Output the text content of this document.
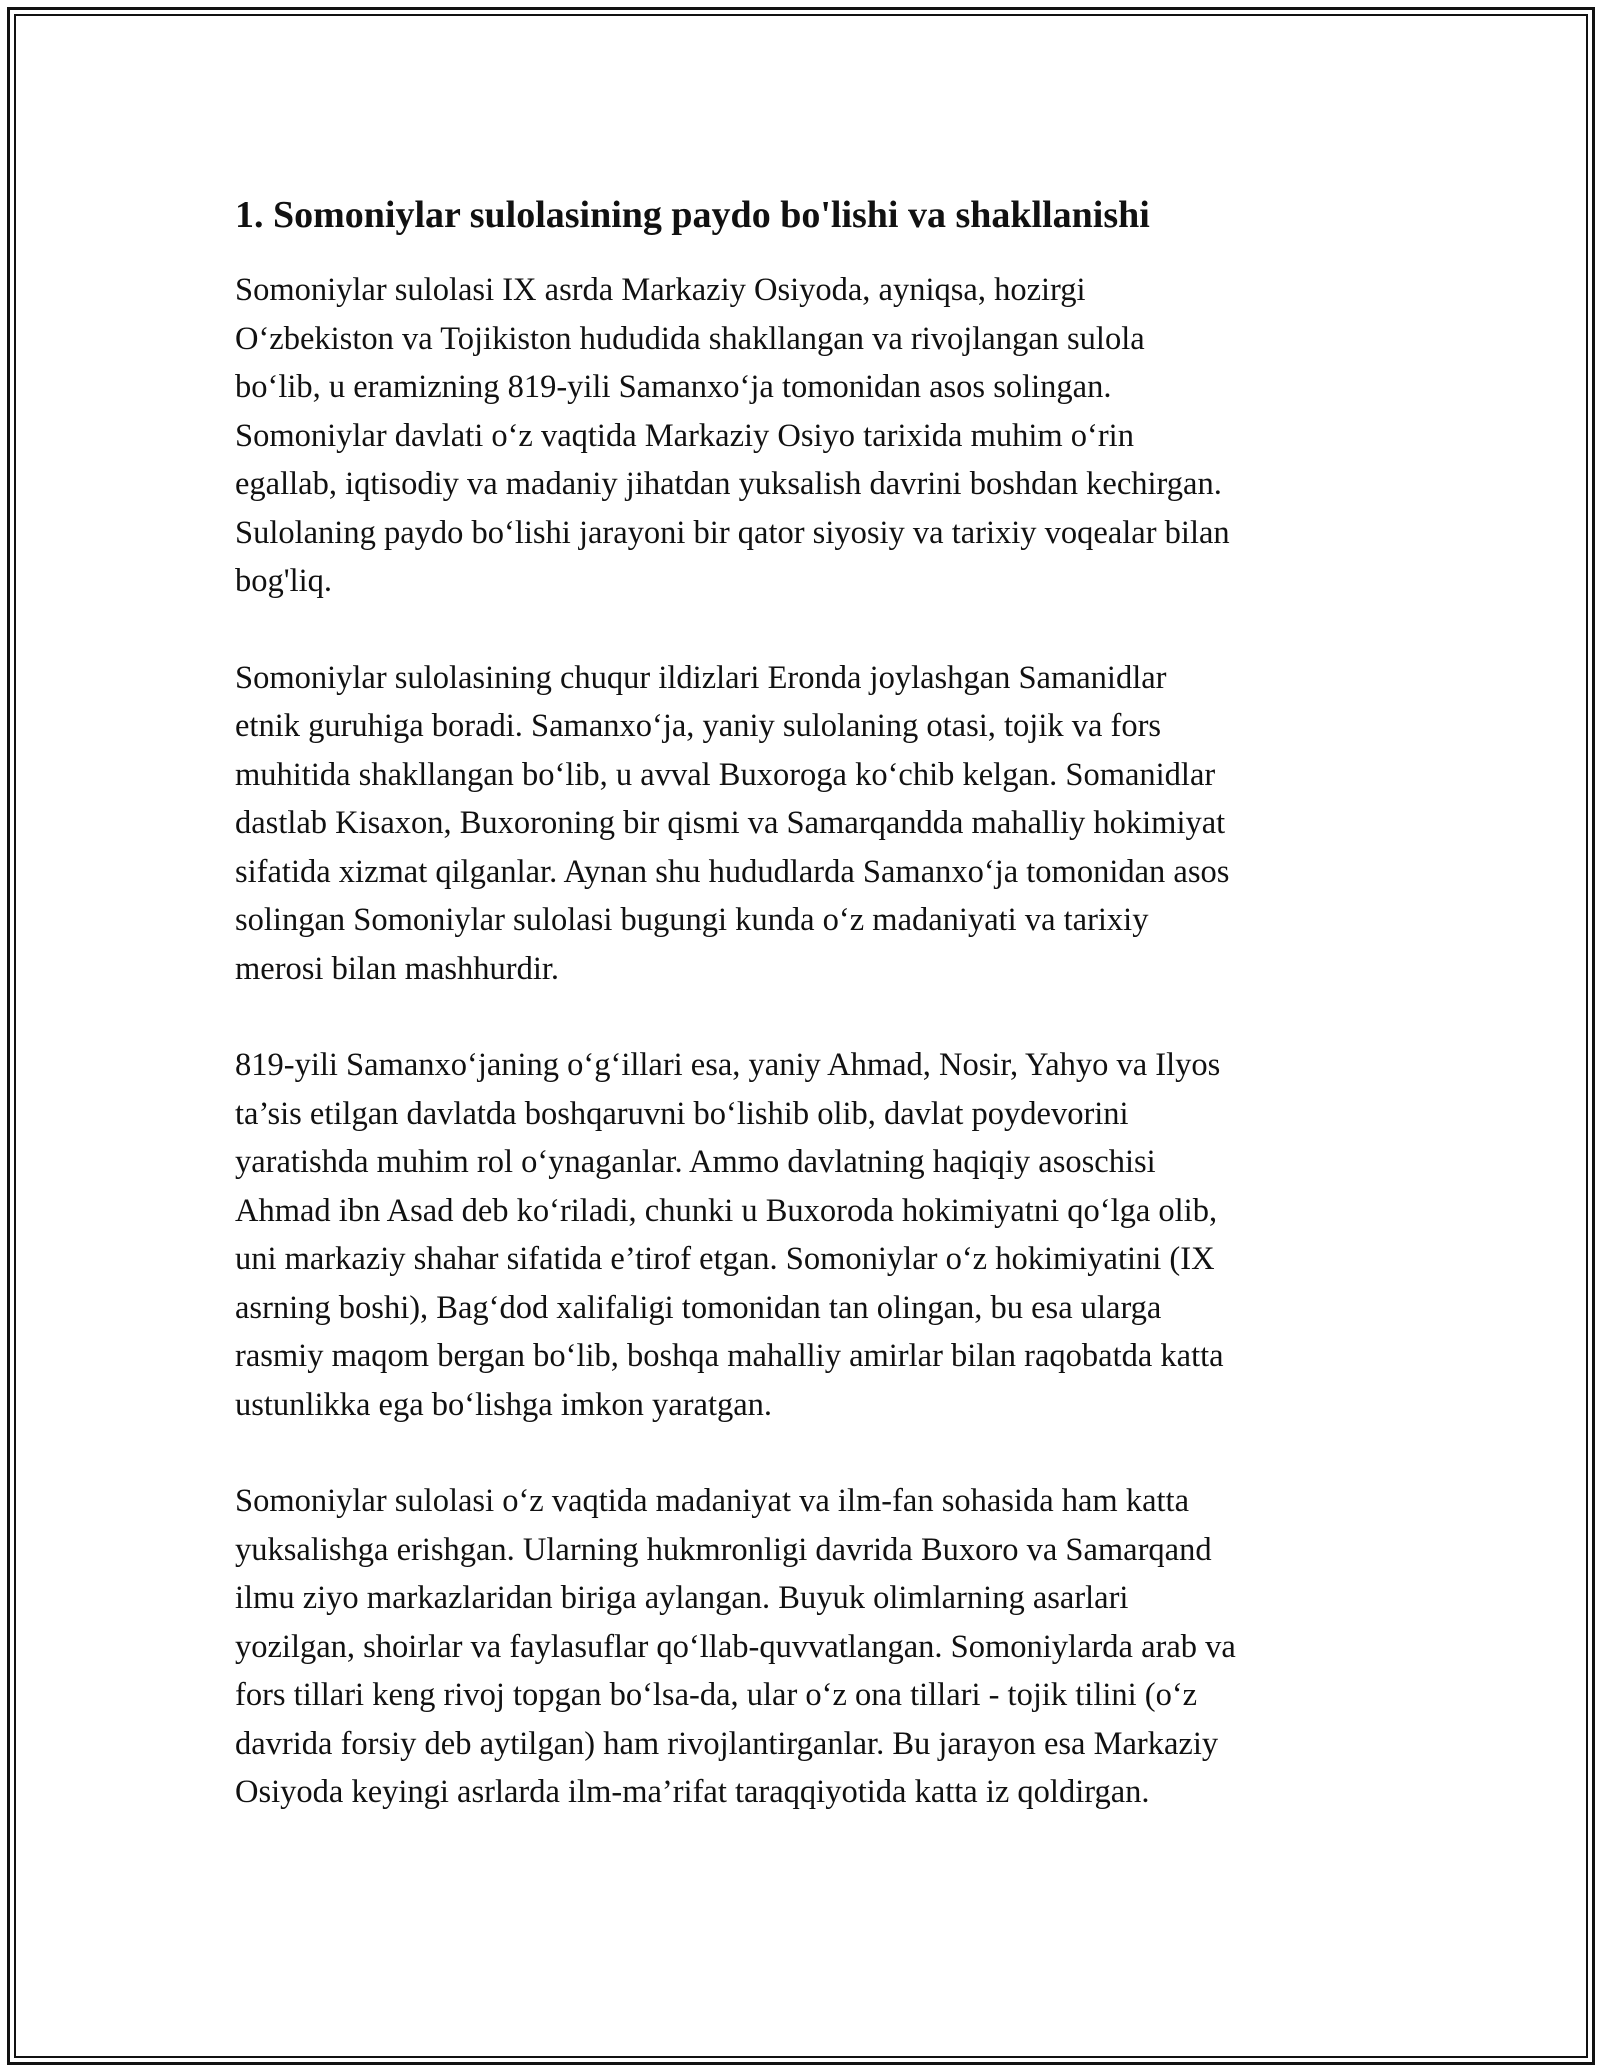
1. Somoniylar sulolasining paydo bo'lishi va shakllanishi

Somoniylar sulolasi IX asrda Markaziy Osiyoda, ayniqsa, hozirgi
O‘zbekiston va Tojikiston hududida shakllangan va rivojlangan sulola
bo‘lib, u eramizning 819-yili Samanxo‘ja tomonidan asos solingan.
Somoniylar davlati o‘z vaqtida Markaziy Osiyo tarixida muhim o‘rin
egallab, iqtisodiy va madaniy jihatdan yuksalish davrini boshdan kechirgan.
Sulolaning paydo bo‘lishi jarayoni bir qator siyosiy va tarixiy voqealar bilan
bog'liq.

Somoniylar sulolasining chuqur ildizlari Eronda joylashgan Samanidlar
etnik guruhiga boradi. Samanxo‘ja, yaniy sulolaning otasi, tojik va fors
muhitida shakllangan bo‘lib, u avval Buxoroga ko‘chib kelgan. Somanidlar
dastlab Kisaxon, Buxoroning bir qismi va Samarqandda mahalliy hokimiyat
sifatida xizmat qilganlar. Aynan shu hududlarda Samanxo‘ja tomonidan asos
solingan Somoniylar sulolasi bugungi kunda o‘z madaniyati va tarixiy
merosi bilan mashhurdir.

819-yili Samanxo‘janing o‘g‘illari esa, yaniy Ahmad, Nosir, Yahyo va Ilyos
ta’sis etilgan davlatda boshqaruvni bo‘lishib olib, davlat poydevorini
yaratishda muhim rol o‘ynaganlar. Ammo davlatning haqiqiy asoschisi
Ahmad ibn Asad deb ko‘riladi, chunki u Buxoroda hokimiyatni qo‘lga olib,
uni markaziy shahar sifatida e’tirof etgan. Somoniylar o‘z hokimiyatini (IX
asrning boshi), Bag‘dod xalifaligi tomonidan tan olingan, bu esa ularga
rasmiy maqom bergan bo‘lib, boshqa mahalliy amirlar bilan raqobatda katta
ustunlikka ega bo‘lishga imkon yaratgan.

Somoniylar sulolasi o‘z vaqtida madaniyat va ilm-fan sohasida ham katta
yuksalishga erishgan. Ularning hukmronligi davrida Buxoro va Samarqand
ilmu ziyo markazlaridan biriga aylangan. Buyuk olimlarning asarlari
yozilgan, shoirlar va faylasuflar qo‘llab-quvvatlangan. Somoniylarda arab va
fors tillari keng rivoj topgan bo‘lsa-da, ular o‘z ona tillari - tojik tilini (o‘z
davrida forsiy deb aytilgan) ham rivojlantirganlar. Bu jarayon esa Markaziy
Osiyoda keyingi asrlarda ilm-ma’rifat taraqqiyotida katta iz qoldirgan.
